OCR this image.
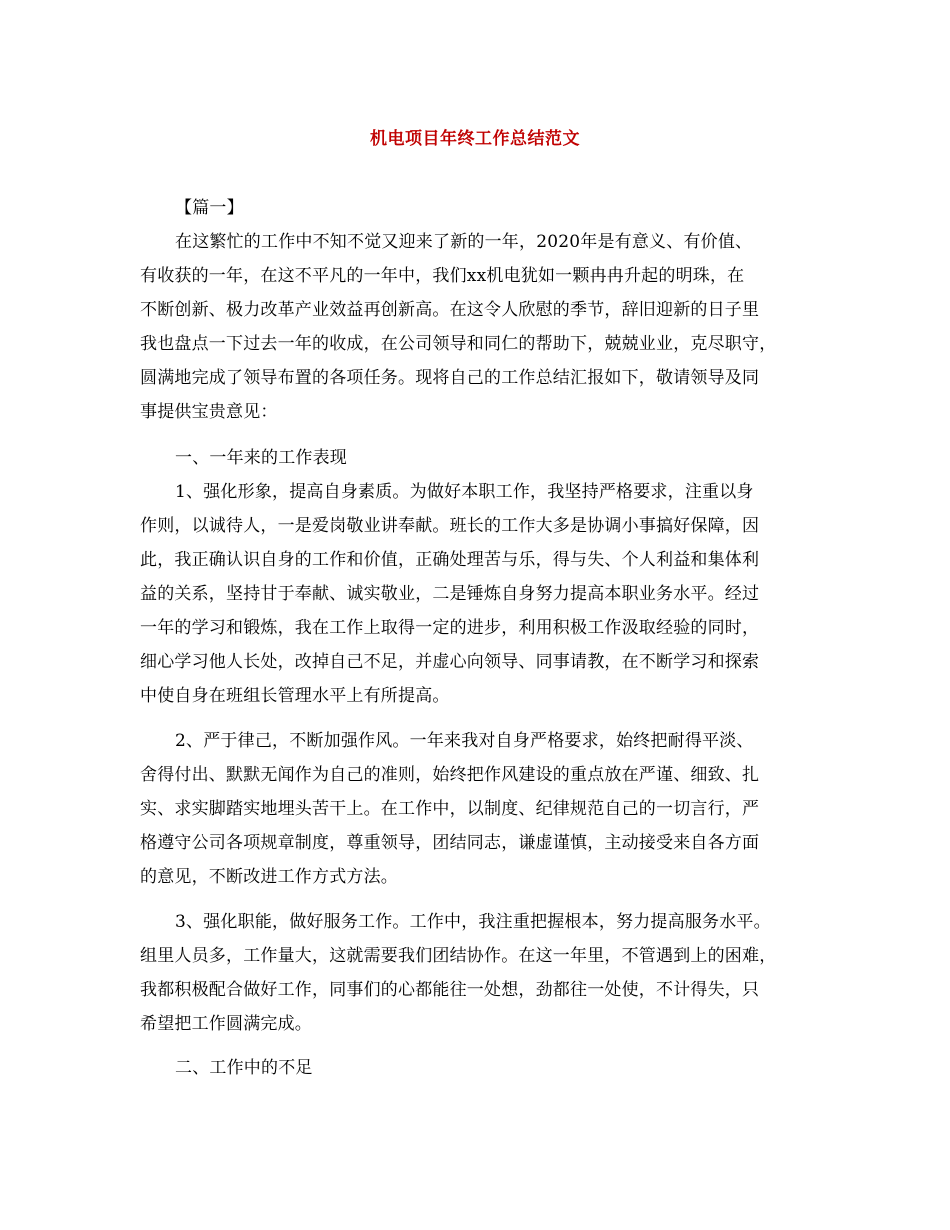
机电项目年终工作总结范文
【篇一】
在这繁忙的工作中不知不觉又迎来了新的一年，2020年是有意义、有价值、
有收获的一年，在这不平凡的一年中，我们xx机电犹如一颗冉冉升起的明珠，在
不断创新、极力改革产业效益再创新高。在这令人欣慰的季节，辞旧迎新的日子里
我也盘点一下过去一年的收成，在公司领导和同仁的帮助下，兢兢业业，克尽职守，
圆满地完成了领导布置的各项任务。现将自己的工作总结汇报如下，敬请领导及同
事提供宝贵意见：
一、一年来的工作表现
1、强化形象，提高自身素质。为做好本职工作，我坚持严格要求，注重以身
作则，以诚待人，一是爱岗敬业讲奉献。班长的工作大多是协调小事搞好保障，因
此，我正确认识自身的工作和价值，正确处理苦与乐，得与失、个人利益和集体利
益的关系，坚持甘于奉献、诚实敬业，二是锤炼自身努力提高本职业务水平。经过
一年的学习和锻炼，我在工作上取得一定的进步，利用积极工作汲取经验的同时，
细心学习他人长处，改掉自己不足，并虚心向领导、同事请教，在不断学习和探索
中使自身在班组长管理水平上有所提高。
2、严于律己，不断加强作风。一年来我对自身严格要求，始终把耐得平淡、
舍得付出、默默无闻作为自己的准则，始终把作风建设的重点放在严谨、细致、扎
实、求实脚踏实地埋头苦干上。在工作中，以制度、纪律规范自己的一切言行，严
格遵守公司各项规章制度，尊重领导，团结同志，谦虚谨慎，主动接受来自各方面
的意见，不断改进工作方式方法。
3、强化职能，做好服务工作。工作中，我注重把握根本，努力提高服务水平。
组里人员多，工作量大，这就需要我们团结协作。在这一年里，不管遇到上的困难，
我都积极配合做好工作，同事们的心都能往一处想，劲都往一处使，不计得失，只
希望把工作圆满完成。
二、工作中的不足
